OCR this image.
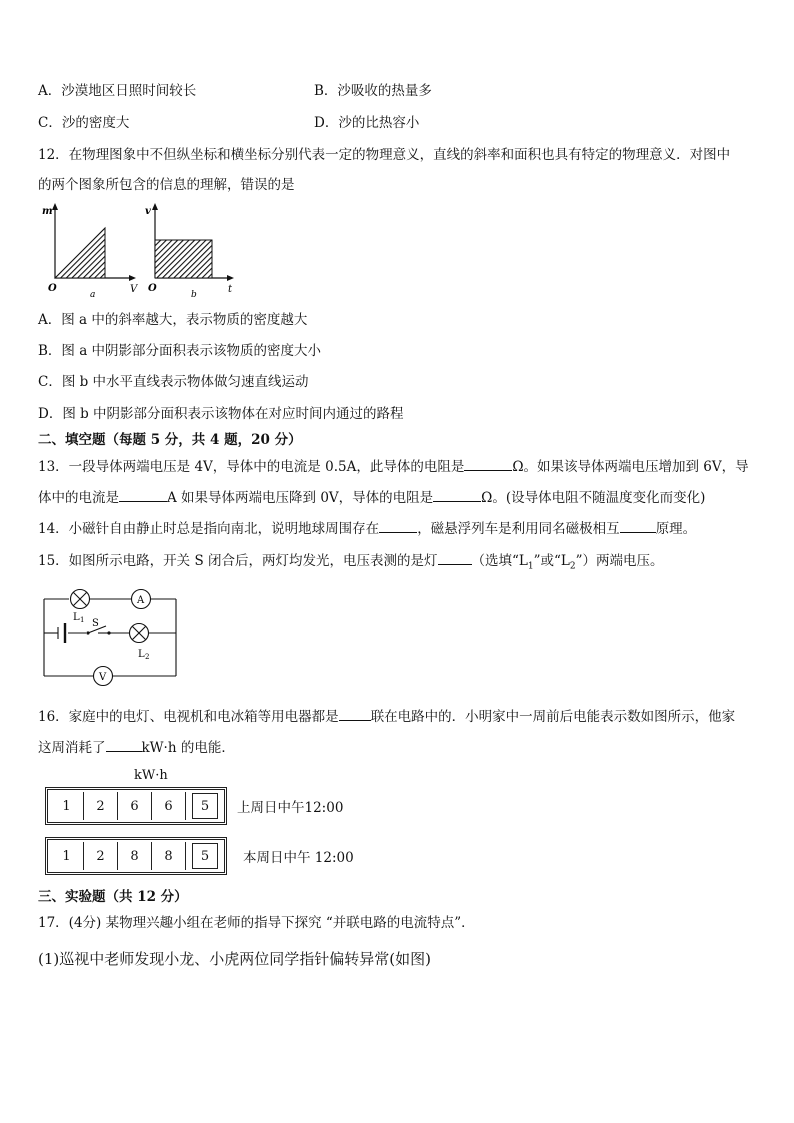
A．沙漠地区日照时间较长	B．沙吸收的热量多
C．沙的密度大	D．沙的比热容小
12．在物理图象中不但纵坐标和横坐标分别代表一定的物理意义，直线的斜率和面积也具有特定的物理意义．对图中
的两个图象所包含的信息的理解，错误的是
m
V
O
a
v
t
O
b
A．图 a 中的斜率越大，表示物质的密度越大
B．图 a 中阴影部分面积表示该物质的密度大小
C．图 b 中水平直线表示物体做匀速直线运动
D．图 b 中阴影部分面积表示该物体在对应时间内通过的路程
二、填空题（每题 5 分，共 4 题，20 分）
13．一段导体两端电压是 4V，导体中的电流是 0.5A，此导体的电阻是	Ω。如果该导体两端电压增加到 6V，导
体中的电流是	A 如果导体两端电压降到 0V，导体的电阻是	Ω。(设导体电阻不随温度变化而变化)
14．小磁针自由静止时总是指向南北，说明地球周围存在	，磁悬浮列车是利用同名磁极相互	原理。
15．如图所示电路，开关 S 闭合后，两灯均发光，电压表测的是灯	（选填“$L_1$”或“$L_2$”）两端电压。
L 1
A
S
L 2
V
16．家庭中的电灯、电视机和电冰箱等用电器都是 联在电路中的．小明家中一周前后电能表示数如图所示，他家
这周消耗了	kW·h 的电能．
kW·h
1	2	6	6	5	上周日中午12:00
1	2	8	8	5	本周日中午 12:00
三、实验题（共 12 分）
17．(4分) 某物理兴趣小组在老师的指导下探究 “并联电路的电流特点”．
(1)巡视中老师发现小龙、小虎两位同学指针偏转异常(如图)
